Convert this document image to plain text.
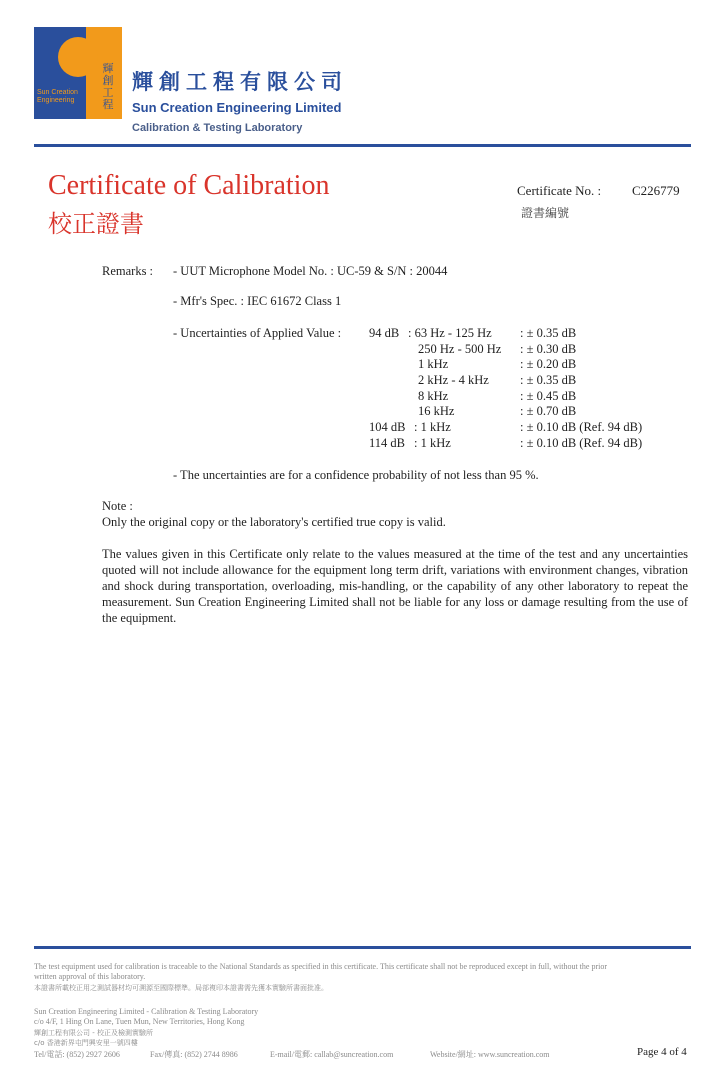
輝創工程
Sun Creation Engineering
輝創工程有限公司
Sun Creation Engineering Limited
Calibration & Testing Laboratory
Certificate of Calibration
校正證書
Certificate No. : C226779
證書編號
Remarks : - UUT Microphone Model No. : UC-59 & S/N : 20044
- Mfr's Spec. : IEC 61672 Class 1
- Uncertainties of Applied Value : 94 dB : 63 Hz - 125 Hz : ± 0.35 dB
250 Hz - 500 Hz : ± 0.30 dB
1 kHz	: ± 0.20 dB
2 kHz - 4 kHz : ± 0.35 dB
8 kHz	: ± 0.45 dB
16 kHz	: ± 0.70 dB
104 dB : 1 kHz	: ± 0.10 dB (Ref. 94 dB)
114 dB : 1 kHz	: ± 0.10 dB (Ref. 94 dB)
- The uncertainties are for a confidence probability of not less than 95 %.
Note :
Only the original copy or the laboratory's certified true copy is valid.
The values given in this Certificate only relate to the values measured at the time of the test and any uncertainties quoted will not include allowance for the equipment long term drift, variations with environment changes, vibration and shock during transportation, overloading, mis-handling, or the capability of any other laboratory to repeat the measurement. Sun Creation Engineering Limited shall not be liable for any loss or damage resulting from the use of the equipment.
The test equipment used for calibration is traceable to the National Standards as specified in this certificate. This certificate shall not be reproduced except in full, without the prior
written approval of this laboratory.
本證書所載校正用之測試器材均可溯源至國際標準。局部複印本證書需先獲本實驗所書面批准。
Sun Creation Engineering Limited - Calibration & Testing Laboratory
c/o 4/F, 1 Hing On Lane, Tuen Mun, New Territories, Hong Kong
輝創工程有限公司 - 校正及檢測實驗所
c/o 香港新界屯門興安里一號四樓
Tel/電話: (852) 2927 2606	Fax/傳真: (852) 2744 8986	E-mail/電郵: callab@suncreation.com	Website/網址: www.suncreation.com	Page 4 of 4
